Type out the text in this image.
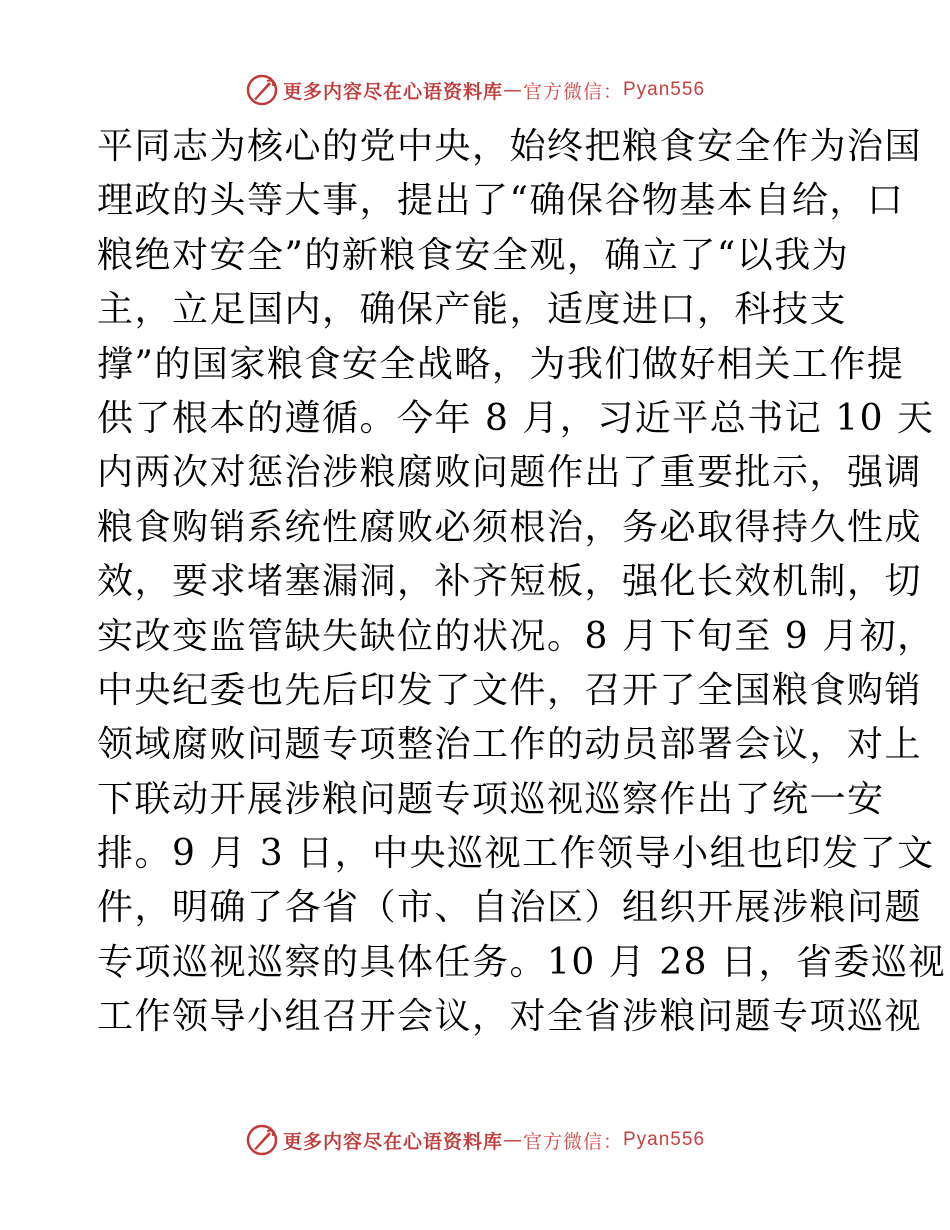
更多内容尽在心语资料库 — 官方微信： Pyan556
平同志为核心的党中央，始终把粮食安全作为治国
理政的头等大事，提出了“确保谷物基本自给，口
粮绝对安全”的新粮食安全观，确立了“以我为
主，立足国内，确保产能，适度进口，科技支
撑”的国家粮食安全战略，为我们做好相关工作提
供了根本的遵循。今年 8 月，习近平总书记 10 天
内两次对惩治涉粮腐败问题作出了重要批示，强调
粮食购销系统性腐败必须根治，务必取得持久性成
效，要求堵塞漏洞，补齐短板，强化长效机制，切
实改变监管缺失缺位的状况。8 月下旬至 9 月初，
中央纪委也先后印发了文件，召开了全国粮食购销
领域腐败问题专项整治工作的动员部署会议，对上
下联动开展涉粮问题专项巡视巡察作出了统一安
排。9 月 3 日，中央巡视工作领导小组也印发了文
件，明确了各省（市、自治区）组织开展涉粮问题
专项巡视巡察的具体任务。10 月 28 日，省委巡视
工作领导小组召开会议，对全省涉粮问题专项巡视
更多内容尽在心语资料库 — 官方微信： Pyan556
